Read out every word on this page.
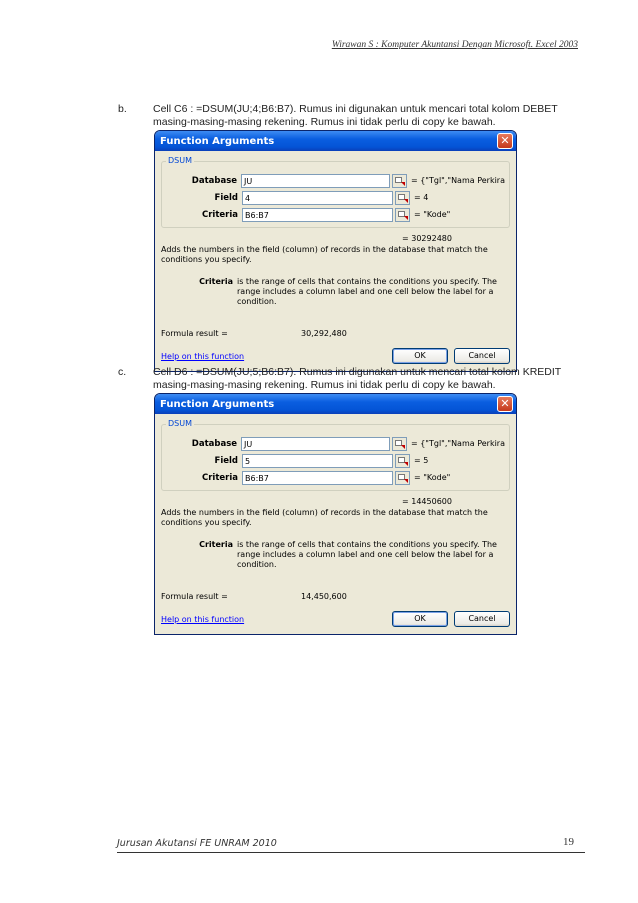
Wirawan S : Komputer Akuntansi Dengan Microsoft. Excel 2003
b.	Cell C6 : =DSUM(JU;4;B6:B7). Rumus ini digunakan untuk mencari total kolom DEBET
masing-masing-masing rekening. Rumus ini tidak perlu di copy ke bawah.
Function Arguments	✕
DSUM
Database JU	= {"Tgl","Nama Perkira
Field 4	= 4
Criteria B6:B7	= "Kode"
= 30292480
Adds the numbers in the field (column) of records in the database that match the conditions you specify.
Criteria is the range of cells that contains the conditions you specify. The range includes a column label and one cell below the label for a condition.
Formula result =	30,292,480
Help on this function	OK	Cancel
c.	Cell D6 : =DSUM(JU;5;B6:B7). Rumus ini digunakan untuk mencari total kolom KREDIT
masing-masing-masing rekening. Rumus ini tidak perlu di copy ke bawah.
Function Arguments	✕
DSUM
Database JU	= {"Tgl","Nama Perkira
Field 5	= 5
Criteria B6:B7	= "Kode"
= 14450600
Adds the numbers in the field (column) of records in the database that match the conditions you specify.
Criteria is the range of cells that contains the conditions you specify. The range includes a column label and one cell below the label for a condition.
Formula result =	14,450,600
Help on this function	OK	Cancel
Jurusan Akutansi FE UNRAM 2010	19
